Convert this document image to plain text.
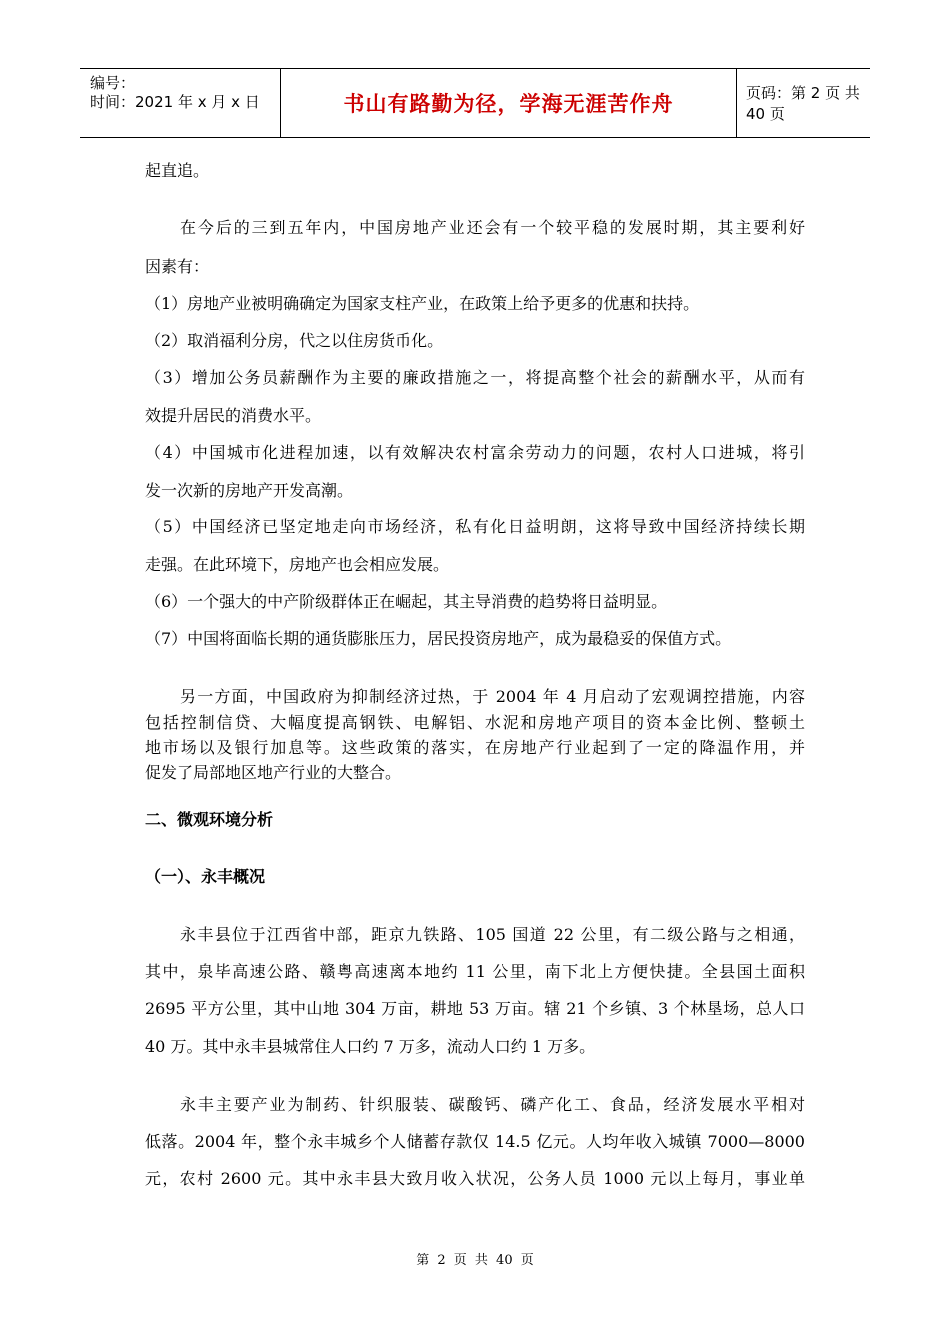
编号：
时间：2021 年 x 月 x 日	书山有路勤为径，学海无涯苦作舟	页码：第 2 页 共 40 页
起直追。
在今后的三到五年内，中国房地产业还会有一个较平稳的发展时期，其主要利好
因素有：
（1）房地产业被明确确定为国家支柱产业，在政策上给予更多的优惠和扶持。
（2）取消福利分房，代之以住房货币化。
（3）增加公务员薪酬作为主要的廉政措施之一，将提高整个社会的薪酬水平，从而有
效提升居民的消费水平。
（4）中国城市化进程加速，以有效解决农村富余劳动力的问题，农村人口进城，将引
发一次新的房地产开发高潮。
（5）中国经济已坚定地走向市场经济，私有化日益明朗，这将导致中国经济持续长期
走强。在此环境下，房地产也会相应发展。
（6）一个强大的中产阶级群体正在崛起，其主导消费的趋势将日益明显。
（7）中国将面临长期的通货膨胀压力，居民投资房地产，成为最稳妥的保值方式。
另一方面，中国政府为抑制经济过热，于 2004 年 4 月启动了宏观调控措施，内容
包括控制信贷、大幅度提高钢铁、电解铝、水泥和房地产项目的资本金比例、整顿土
地市场以及银行加息等。这些政策的落实，在房地产行业起到了一定的降温作用，并
促发了局部地区地产行业的大整合。
二、微观环境分析
（一）、永丰概况
永丰县位于江西省中部，距京九铁路、105 国道 22 公里，有二级公路与之相通，
其中，泉毕高速公路、赣粤高速离本地约 11 公里，南下北上方便快捷。全县国土面积
2695 平方公里，其中山地 304 万亩，耕地 53 万亩。辖 21 个乡镇、3 个林垦场，总人口
40 万。其中永丰县城常住人口约 7 万多，流动人口约 1 万多。
永丰主要产业为制药、针织服装、碳酸钙、磷产化工、食品，经济发展水平相对
低落。2004 年，整个永丰城乡个人储蓄存款仅 14.5 亿元。人均年收入城镇 7000—8000
元，农村 2600 元。其中永丰县大致月收入状况，公务人员 1000 元以上每月，事业单
第 2 页 共 40 页
